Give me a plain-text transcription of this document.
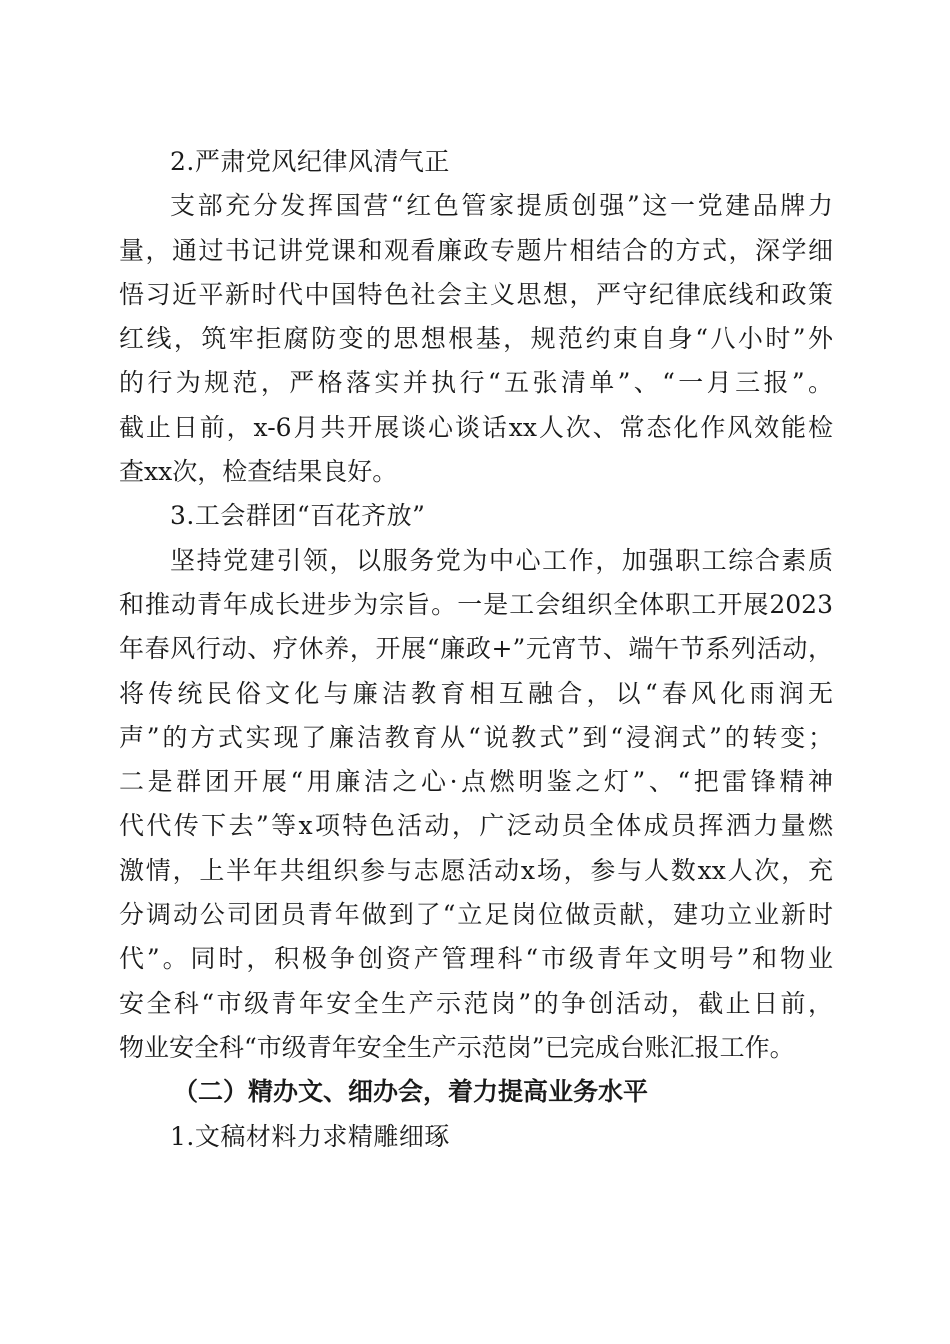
2.严肃党风纪律风清气正
支部充分发挥国营“红色管家提质创强”这一党建品牌力
量，通过书记讲党课和观看廉政专题片相结合的方式，深学细
悟习近平新时代中国特色社会主义思想，严守纪律底线和政策
红线，筑牢拒腐防变的思想根基，规范约束自身“八小时”外
的行为规范，严格落实并执行“五张清单”、“一月三报”。
截止日前，x-6月共开展谈心谈话xx人次、常态化作风效能检
查xx次，检查结果良好。
3.工会群团“百花齐放”
坚持党建引领，以服务党为中心工作，加强职工综合素质
和推动青年成长进步为宗旨。一是工会组织全体职工开展2023
年春风行动、疗休养，开展“廉政+”元宵节、端午节系列活动，
将传统民俗文化与廉洁教育相互融合，以“春风化雨润无
声”的方式实现了廉洁教育从“说教式”到“浸润式”的转变；
二是群团开展“用廉洁之心·点燃明鉴之灯”、“把雷锋精神
代代传下去”等x项特色活动，广泛动员全体成员挥洒力量燃
激情，上半年共组织参与志愿活动x场，参与人数xx人次，充
分调动公司团员青年做到了“立足岗位做贡献，建功立业新时
代”。同时，积极争创资产管理科“市级青年文明号”和物业
安全科“市级青年安全生产示范岗”的争创活动，截止日前，
物业安全科“市级青年安全生产示范岗”已完成台账汇报工作。
（二）精办文、细办会，着力提高业务水平
1.文稿材料力求精雕细琢
